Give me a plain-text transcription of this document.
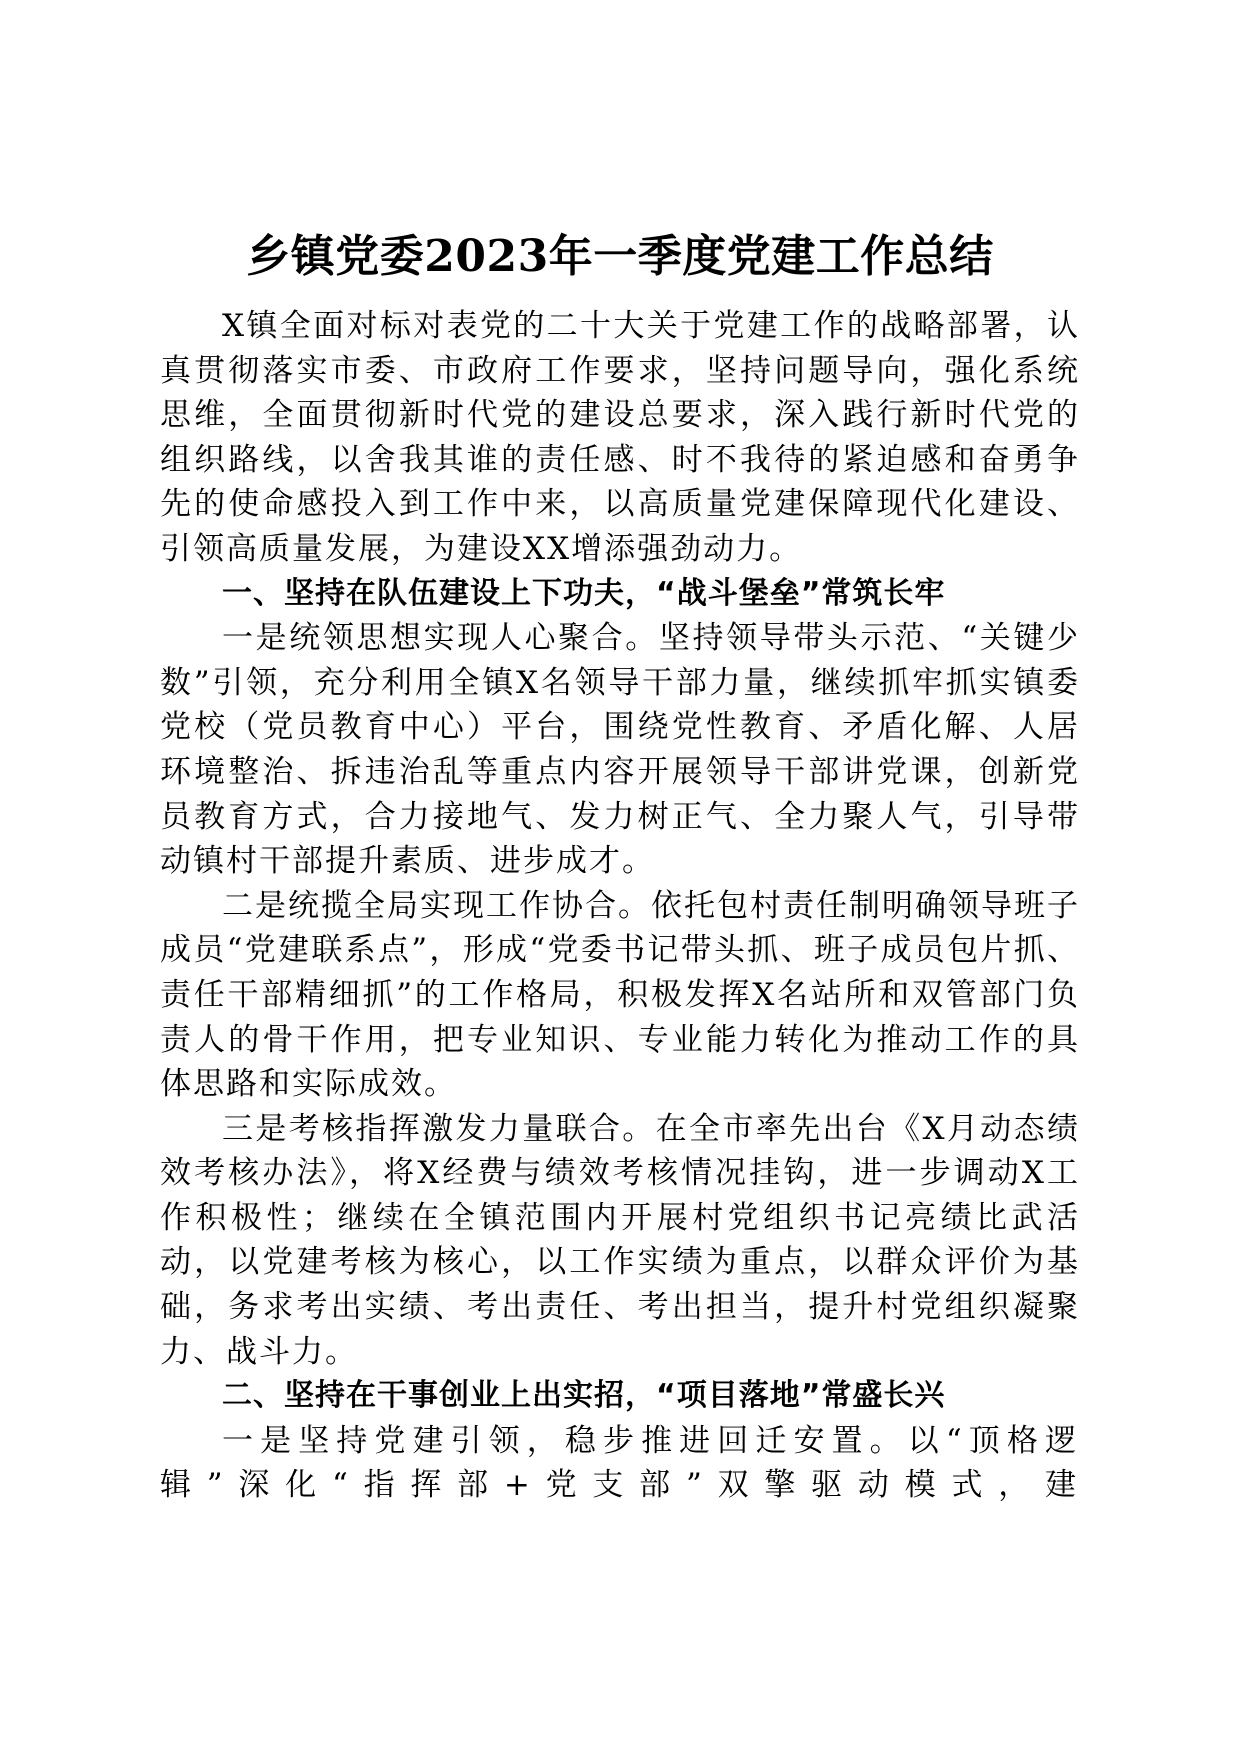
乡镇党委2023年一季度党建工作总结

X镇全面对标对表党的二十大关于党建工作的战略部署，认真贯彻落实市委、市政府工作要求，坚持问题导向，强化系统思维，全面贯彻新时代党的建设总要求，深入践行新时代党的组织路线，以舍我其谁的责任感、时不我待的紧迫感和奋勇争先的使命感投入到工作中来，以高质量党建保障现代化建设、引领高质量发展，为建设XX增添强劲动力。

一、坚持在队伍建设上下功夫，“战斗堡垒”常筑长牢

一是统领思想实现人心聚合。坚持领导带头示范、“关键少数”引领，充分利用全镇X名领导干部力量，继续抓牢抓实镇委党校（党员教育中心）平台，围绕党性教育、矛盾化解、人居环境整治、拆违治乱等重点内容开展领导干部讲党课，创新党员教育方式，合力接地气、发力树正气、全力聚人气，引导带动镇村干部提升素质、进步成才。

二是统揽全局实现工作协合。依托包村责任制明确领导班子成员“党建联系点”，形成“党委书记带头抓、班子成员包片抓、责任干部精细抓”的工作格局，积极发挥X名站所和双管部门负责人的骨干作用，把专业知识、专业能力转化为推动工作的具体思路和实际成效。

三是考核指挥激发力量联合。在全市率先出台《X月动态绩效考核办法》，将X经费与绩效考核情况挂钩，进一步调动X工作积极性；继续在全镇范围内开展村党组织书记亮绩比武活动，以党建考核为核心，以工作实绩为重点，以群众评价为基础，务求考出实绩、考出责任、考出担当，提升村党组织凝聚力、战斗力。

二、坚持在干事创业上出实招，“项目落地”常盛长兴

一是坚持党建引领，稳步推进回迁安置。以“顶格逻辑”深化“指挥部+党支部”双擎驱动模式，建
